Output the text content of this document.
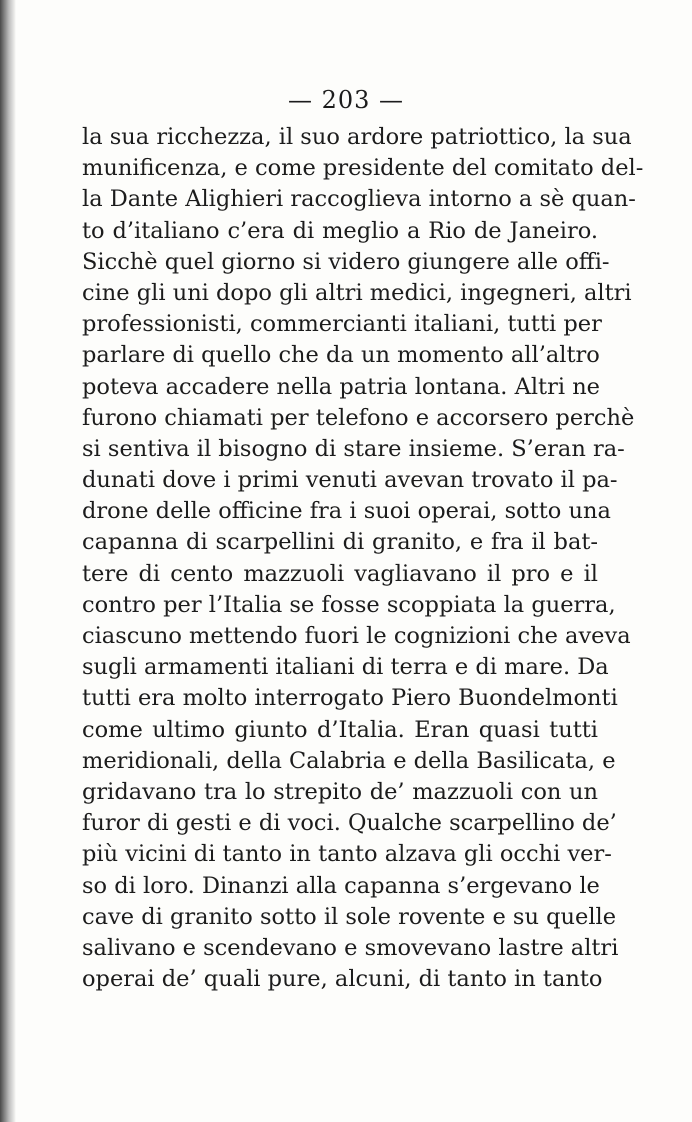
— 203 —
la sua ricchezza, il suo ardore patriottico, la sua
munificenza, e come presidente del comitato del-
la Dante Alighieri raccoglieva intorno a sè quan-
to d’italiano c’era di meglio a Rio de Janeiro.
Sicchè quel giorno si videro giungere alle offi-
cine gli uni dopo gli altri medici, ingegneri, altri
professionisti, commercianti italiani, tutti per
parlare di quello che da un momento all’altro
poteva accadere nella patria lontana. Altri ne
furono chiamati per telefono e accorsero perchè
si sentiva il bisogno di stare insieme. S’eran ra-
dunati dove i primi venuti avevan trovato il pa-
drone delle officine fra i suoi operai, sotto una
capanna di scarpellini di granito, e fra il bat-
tere di cento mazzuoli vagliavano il pro e il
contro per l’Italia se fosse scoppiata la guerra,
ciascuno mettendo fuori le cognizioni che aveva
sugli armamenti italiani di terra e di mare. Da
tutti era molto interrogato Piero Buondelmonti
come ultimo giunto d’Italia. Eran quasi tutti
meridionali, della Calabria e della Basilicata, e
gridavano tra lo strepito de’ mazzuoli con un
furor di gesti e di voci. Qualche scarpellino de’
più vicini di tanto in tanto alzava gli occhi ver-
so di loro. Dinanzi alla capanna s’ergevano le
cave di granito sotto il sole rovente e su quelle
salivano e scendevano e smovevano lastre altri
operai de’ quali pure, alcuni, di tanto in tanto
